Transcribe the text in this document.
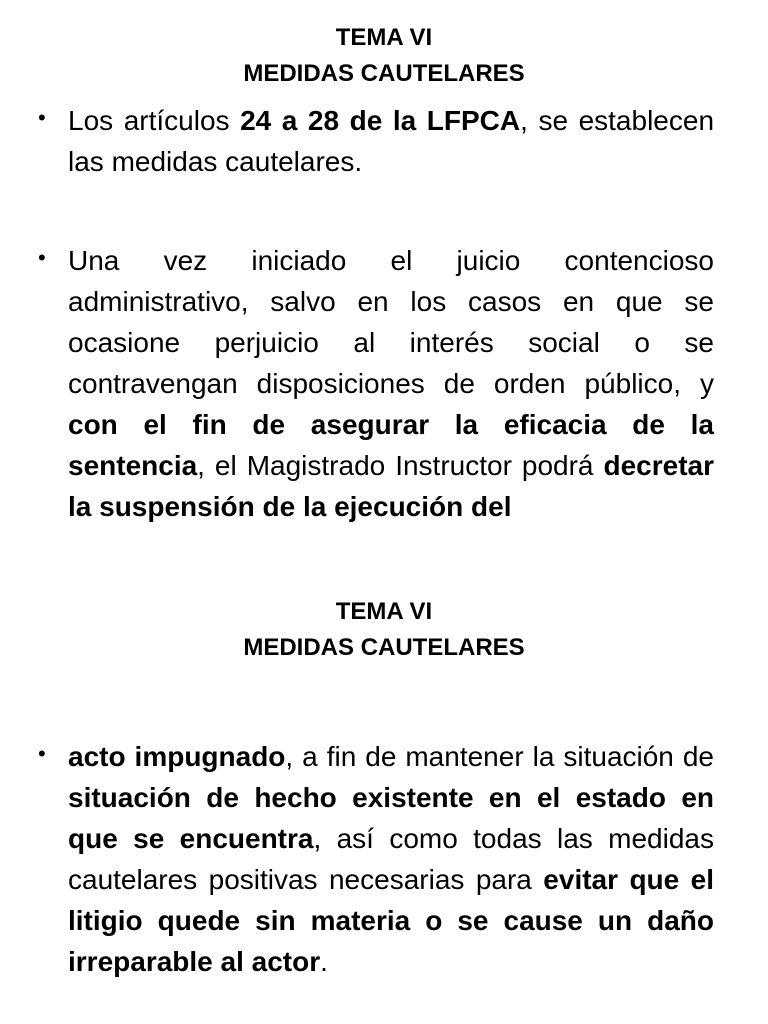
TEMA VI
MEDIDAS CAUTELARES
• Los artículos 24 a 28 de la LFPCA, se establecen las medidas cautelares.
• Una vez iniciado el juicio contencioso administrativo, salvo en los casos en que se ocasione perjuicio al interés social o se contravengan disposiciones de orden público, y con el fin de asegurar la eficacia de la sentencia, el Magistrado Instructor podrá decretar la suspensión de la ejecución del
TEMA VI
MEDIDAS CAUTELARES
• acto impugnado, a fin de mantener la situación de situación de hecho existente en el estado en que se encuentra, así como todas las medidas cautelares positivas necesarias para evitar que el litigio quede sin materia o se cause un daño irreparable al actor.
